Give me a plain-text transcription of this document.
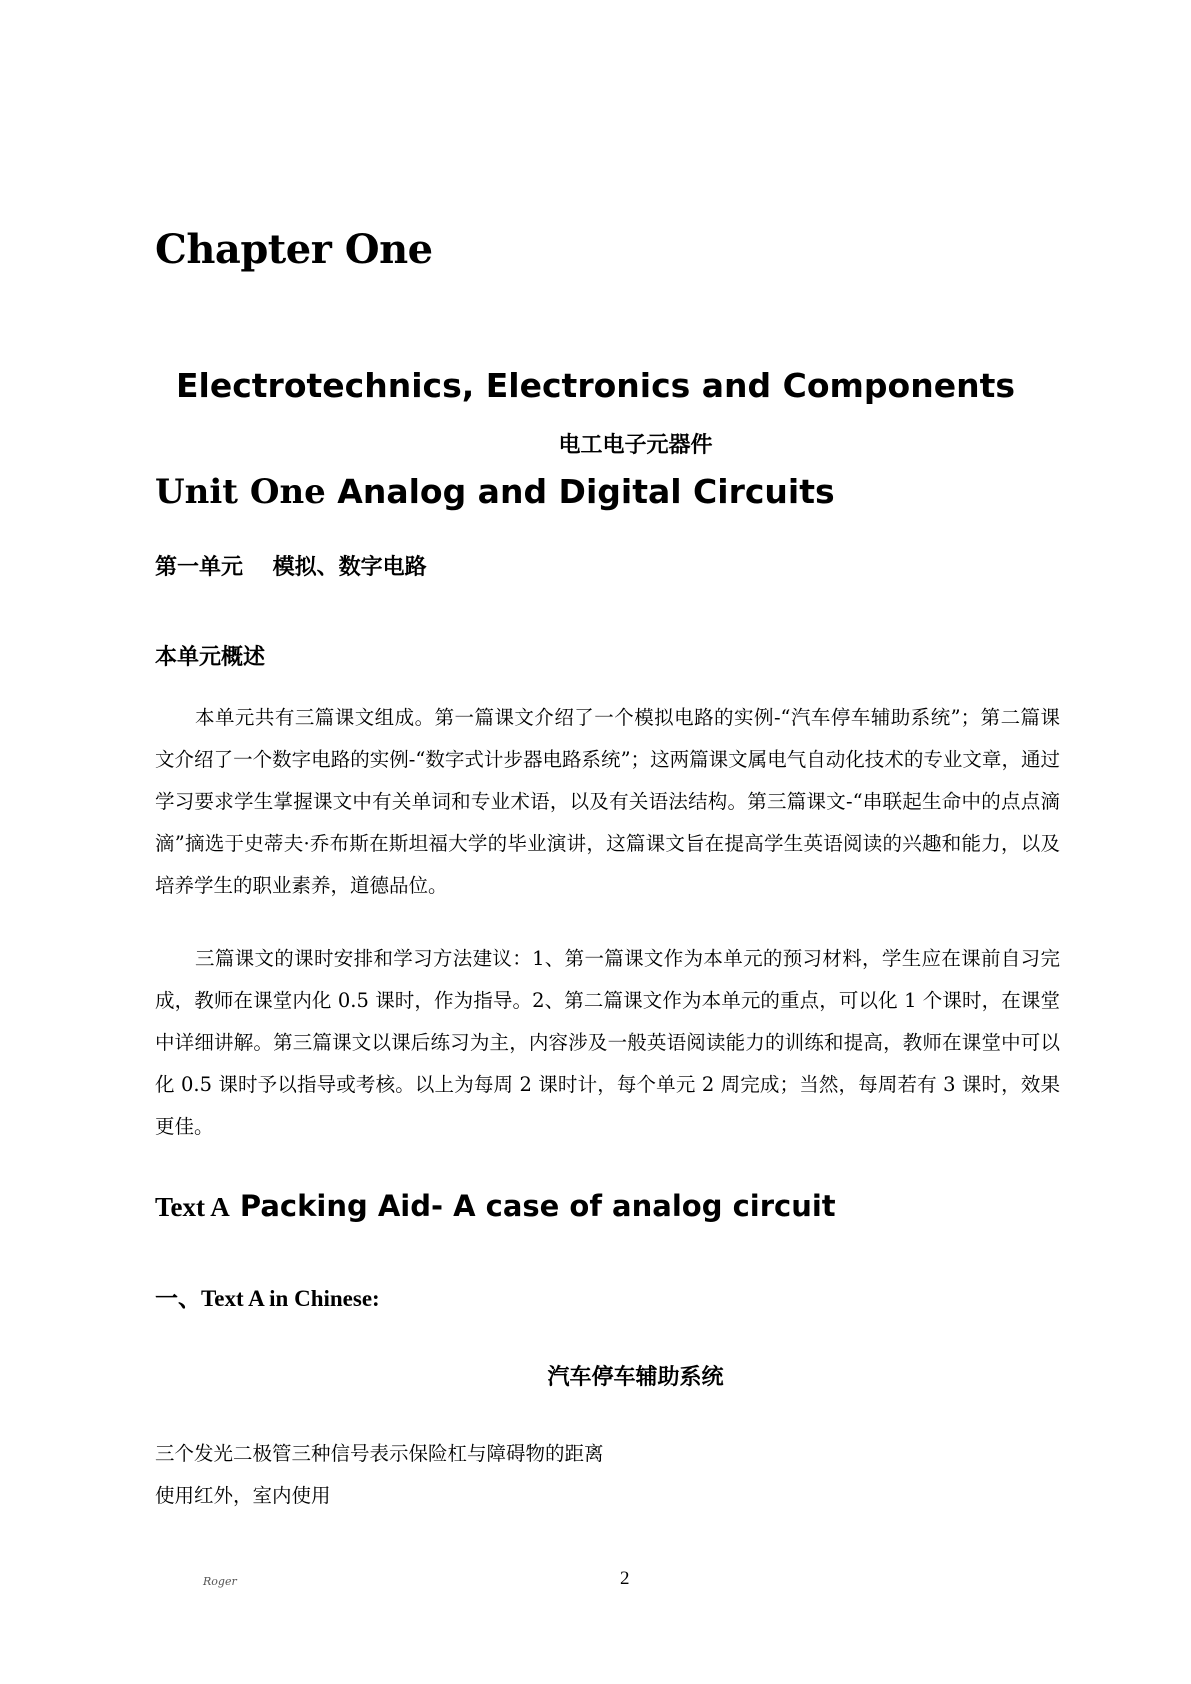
Chapter One
Electrotechnics, Electronics and Components
电工电子元器件
Unit One Analog and Digital Circuits
第一单元　 模拟、数字电路
本单元概述

本单元共有三篇课文组成。第一篇课文介绍了一个模拟电路的实例-“汽车停车辅助系统”；第二篇课文介绍了一个数字电路的实例-“数字式计步器电路系统”；这两篇课文属电气自动化技术的专业文章，通过学习要求学生掌握课文中有关单词和专业术语，以及有关语法结构。第三篇课文-“串联起生命中的点点滴滴”摘选于史蒂夫·乔布斯在斯坦福大学的毕业演讲，这篇课文旨在提高学生英语阅读的兴趣和能力，以及培养学生的职业素养，道德品位。

三篇课文的课时安排和学习方法建议：1、第一篇课文作为本单元的预习材料，学生应在课前自习完成，教师在课堂内化 0.5 课时，作为指导。2、第二篇课文作为本单元的重点，可以化 1 个课时，在课堂中详细讲解。第三篇课文以课后练习为主，内容涉及一般英语阅读能力的训练和提高，教师在课堂中可以化 0.5 课时予以指导或考核。以上为每周 2 课时计，每个单元 2 周完成；当然，每周若有 3 课时，效果更佳。

Text A Packing Aid- A case of analog circuit
一、Text A in Chinese:
汽车停车辅助系统
三个发光二极管三种信号表示保险杠与障碍物的距离
使用红外，室内使用
Roger	2
